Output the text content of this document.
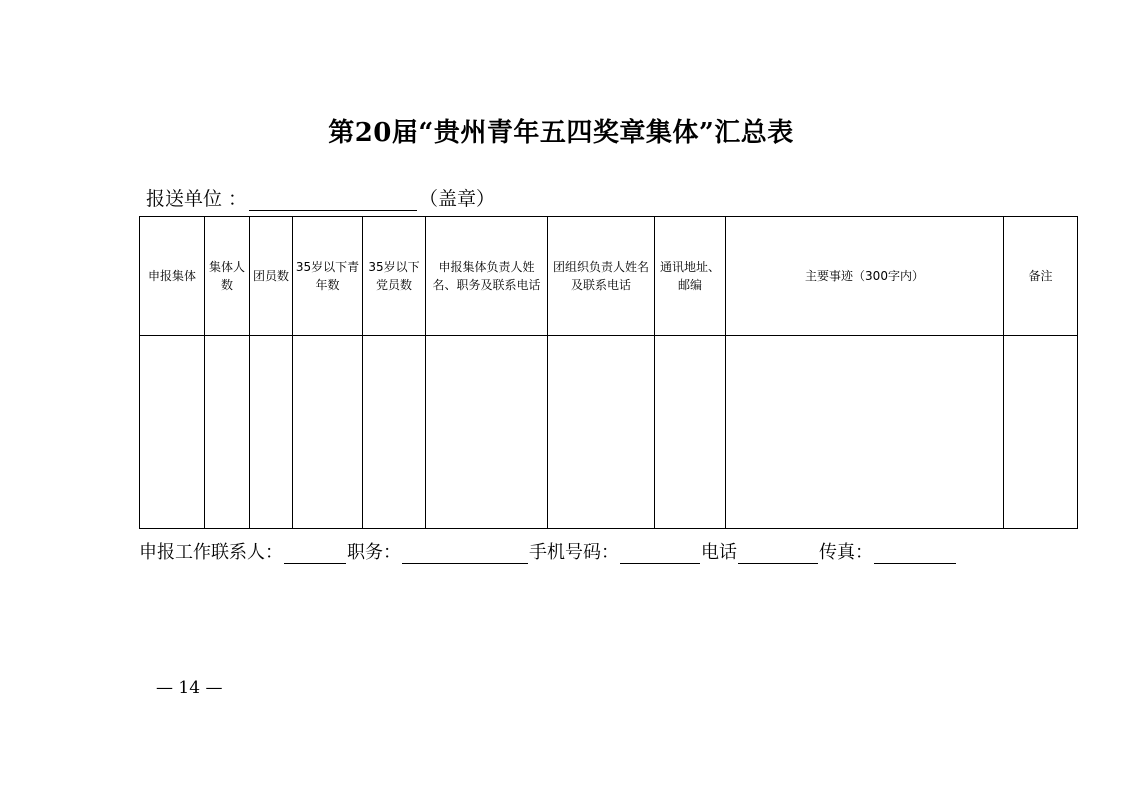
第20届“贵州青年五四奖章集体”汇总表
报送单位 ：	（盖章）
申报集体	集体人数	团员数	35岁以下青年数	35岁以下党员数	申报集体负责人姓名、职务及联系电话	团组织负责人姓名及联系电话	通讯地址、邮编	主要事迹（300字内）	备注

申报工作联系人：	职务：	手机号码：	电话	传真：
— 14 —
